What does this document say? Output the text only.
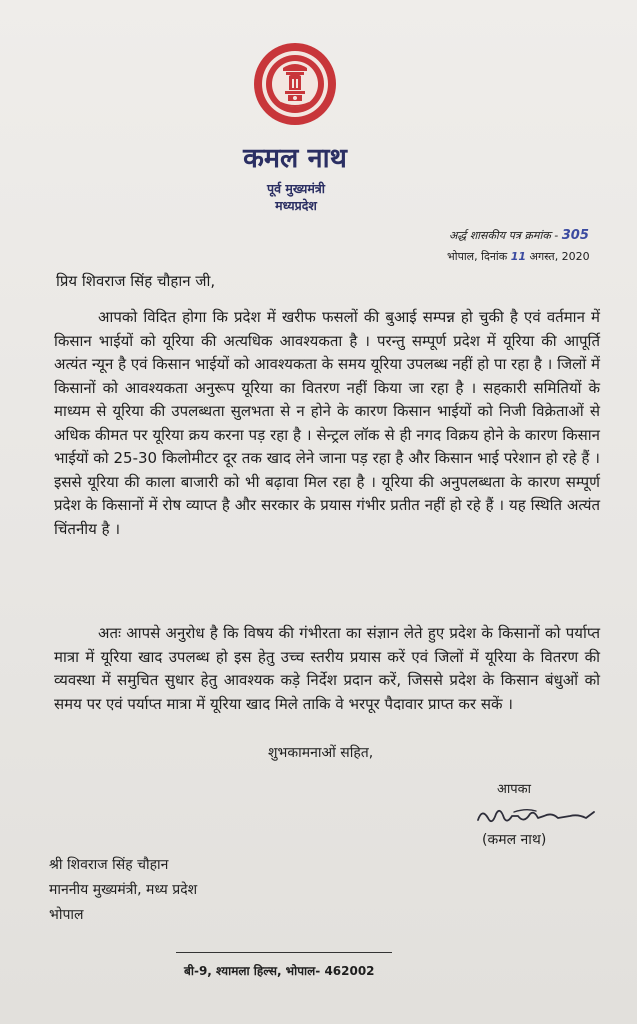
कमल नाथ
पूर्व मुख्यमंत्री
मध्यप्रदेश
अर्द्ध शासकीय पत्र क्रमांक - 305
भोपाल, दिनांक 11 अगस्त, 2020
प्रिय शिवराज सिंह चौहान जी,
आपको विदित होगा कि प्रदेश में खरीफ फसलों की बुआई सम्पन्न हो चुकी है एवं वर्तमान में किसान भाईयों को यूरिया की अत्यधिक आवश्यकता है । परन्तु सम्पूर्ण प्रदेश में यूरिया की आपूर्ति अत्यंत न्यून है एवं किसान भाईयों को आवश्यकता के समय यूरिया उपलब्ध नहीं हो पा रहा है । जिलों में किसानों को आवश्यकता अनुरूप यूरिया का वितरण नहीं किया जा रहा है । सहकारी समितियों के माध्यम से यूरिया की उपलब्धता सुलभता से न होने के कारण किसान भाईयों को निजी विक्रेताओं से अधिक कीमत पर यूरिया क्रय करना पड़ रहा है । सेन्ट्रल लॉक से ही नगद विक्रय होने के कारण किसान भाईयों को 25-30 किलोमीटर दूर तक खाद लेने जाना पड़ रहा है और किसान भाई परेशान हो रहे हैं । इससे यूरिया की काला बाजारी को भी बढ़ावा मिल रहा है । यूरिया की अनुपलब्धता के कारण सम्पूर्ण प्रदेश के किसानों में रोष व्याप्त है और सरकार के प्रयास गंभीर प्रतीत नहीं हो रहे हैं । यह स्थिति अत्यंत चिंतनीय है ।
अतः आपसे अनुरोध है कि विषय की गंभीरता का संज्ञान लेते हुए प्रदेश के किसानों को पर्याप्त मात्रा में यूरिया खाद उपलब्ध हो इस हेतु उच्च स्तरीय प्रयास करें एवं जिलों में यूरिया के वितरण की व्यवस्था में समुचित सुधार हेतु आवश्यक कड़े निर्देश प्रदान करें, जिससे प्रदेश के किसान बंधुओं को समय पर एवं पर्याप्त मात्रा में यूरिया खाद मिले ताकि वे भरपूर पैदावार प्राप्त कर सकें ।
शुभकामनाओं सहित,
आपका
(कमल नाथ)
श्री शिवराज सिंह चौहान
माननीय मुख्यमंत्री, मध्य प्रदेश
भोपाल
बी-9, श्यामला हिल्स, भोपाल- 462002
